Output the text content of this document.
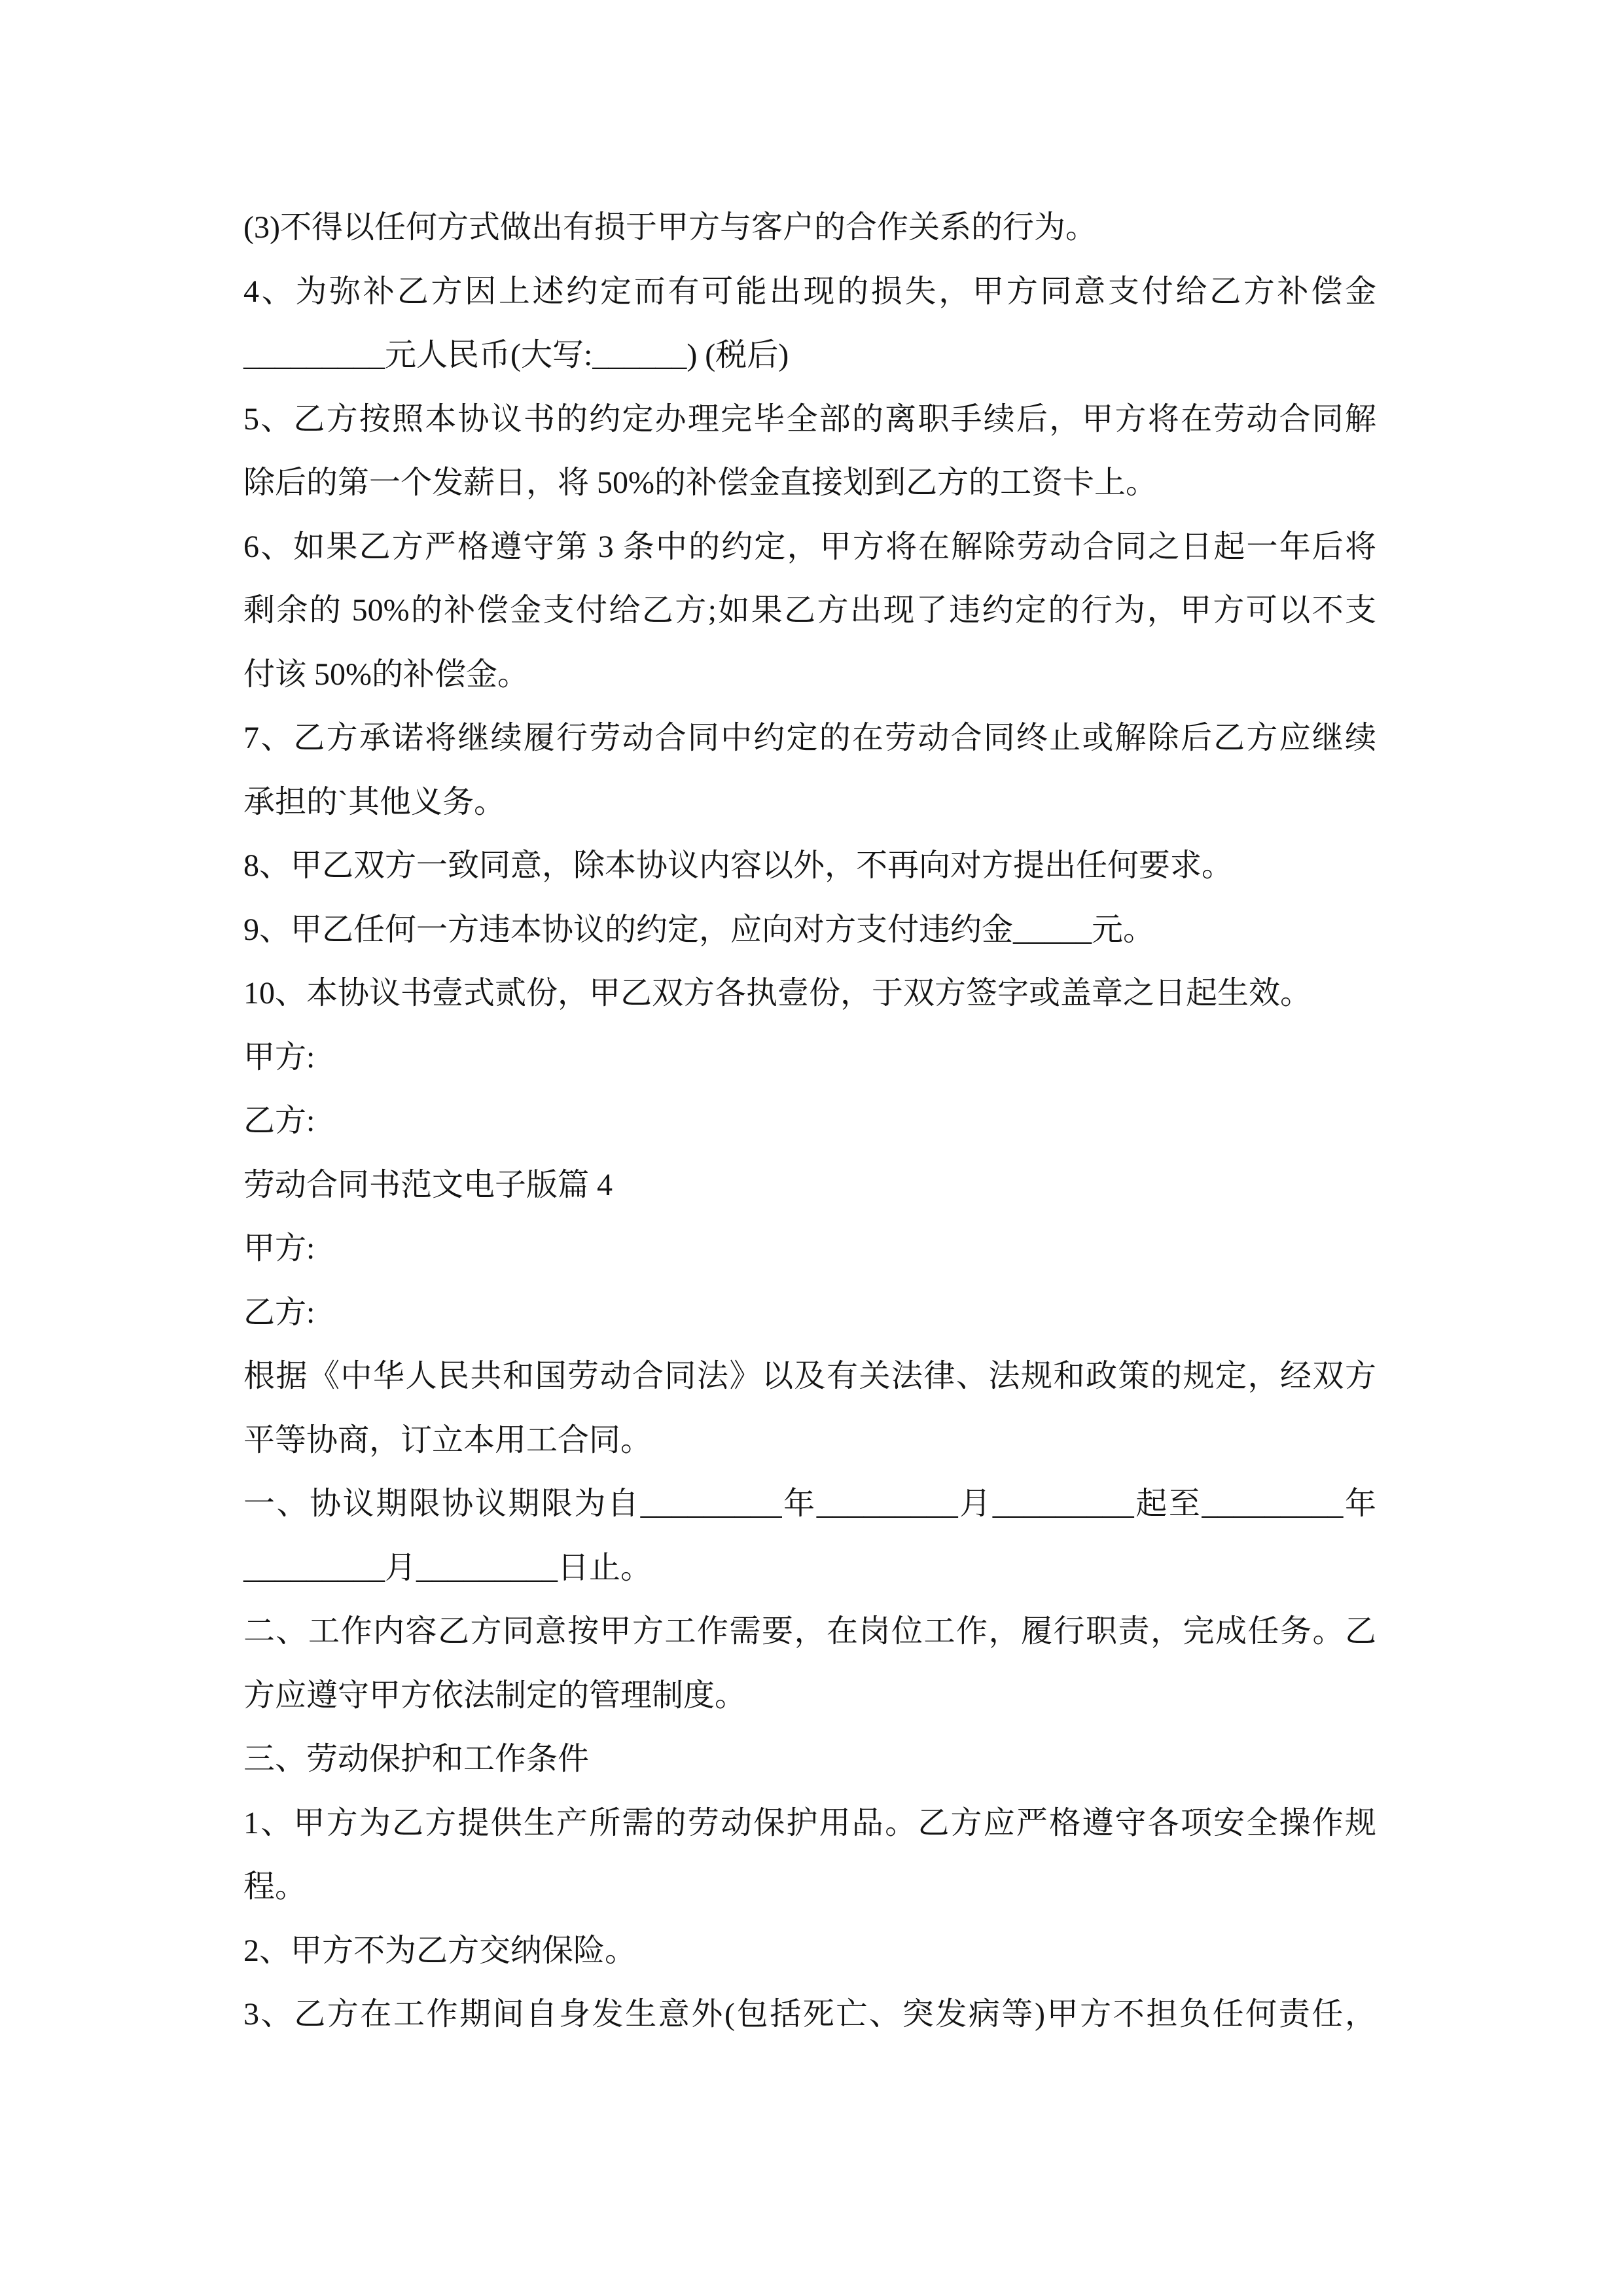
(3)不得以任何方式做出有损于甲方与客户的合作关系的行为。
4、为弥补乙方因上述约定而有可能出现的损失，甲方同意支付给乙方补偿金
_________元人民币(大写:______) (税后)
5、乙方按照本协议书的约定办理完毕全部的离职手续后，甲方将在劳动合同解
除后的第一个发薪日，将 50%的补偿金直接划到乙方的工资卡上。
6、如果乙方严格遵守第 3 条中的约定，甲方将在解除劳动合同之日起一年后将
剩余的 50%的补偿金支付给乙方;如果乙方出现了违约定的行为，甲方可以不支
付该 50%的补偿金。
7、乙方承诺将继续履行劳动合同中约定的在劳动合同终止或解除后乙方应继续
承担的`其他义务。
8、甲乙双方一致同意，除本协议内容以外，不再向对方提出任何要求。
9、甲乙任何一方违本协议的约定，应向对方支付违约金_____元。
10、本协议书壹式贰份，甲乙双方各执壹份，于双方签字或盖章之日起生效。
甲方:
乙方:
劳动合同书范文电子版篇 4
甲方:
乙方:
根据《中华人民共和国劳动合同法》以及有关法律、法规和政策的规定，经双方
平等协商，订立本用工合同。
一、协议期限协议期限为自_________年_________月_________起至_________年
_________月_________日止。
二、工作内容乙方同意按甲方工作需要，在岗位工作，履行职责，完成任务。乙
方应遵守甲方依法制定的管理制度。
三、劳动保护和工作条件
1、甲方为乙方提供生产所需的劳动保护用品。乙方应严格遵守各项安全操作规
程。
2、甲方不为乙方交纳保险。
3、乙方在工作期间自身发生意外(包括死亡、突发病等)甲方不担负任何责任，
